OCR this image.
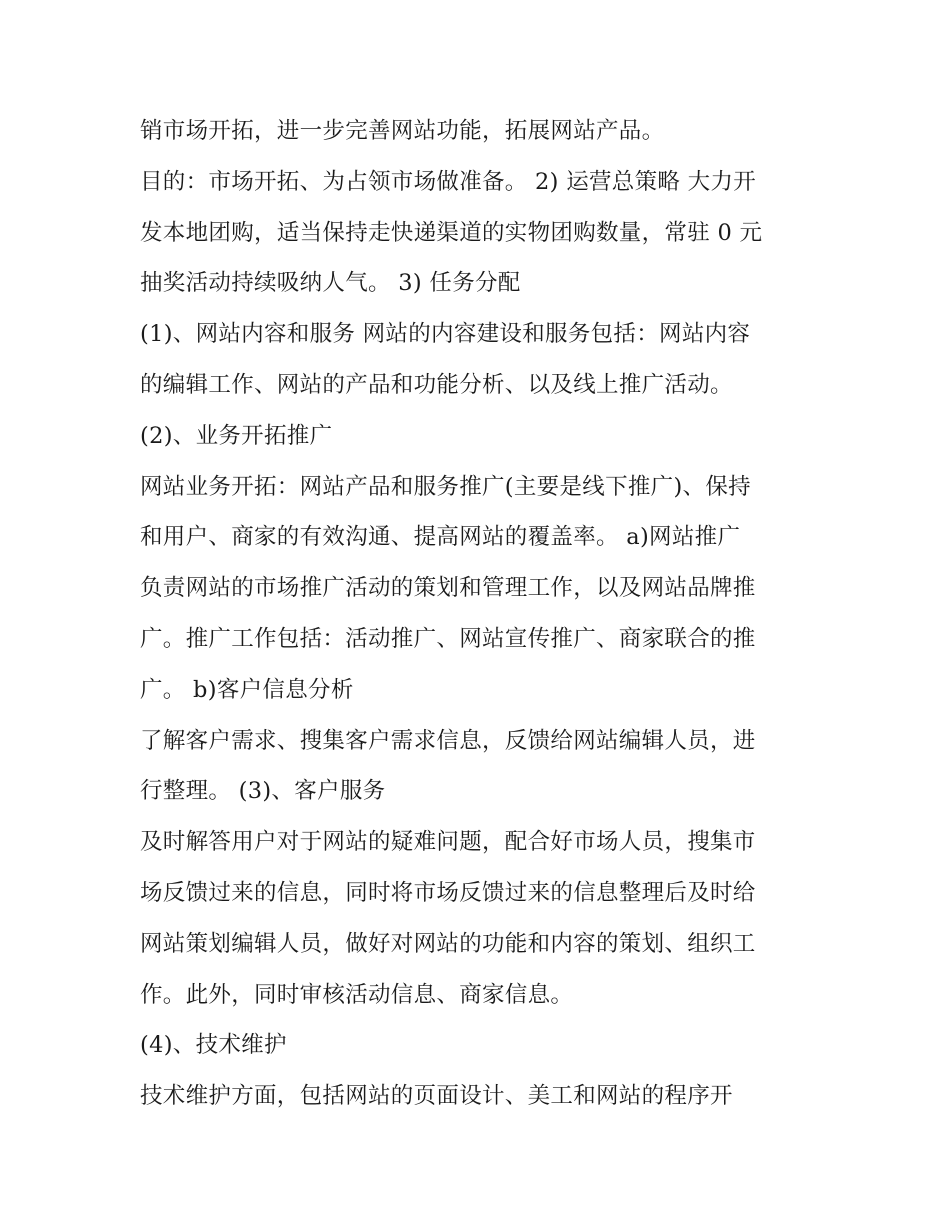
销市场开拓，进一步完善网站功能，拓展网站产品。
目的：市场开拓、为占领市场做准备。 2) 运营总策略 大力开
发本地团购，适当保持走快递渠道的实物团购数量，常驻 0 元
抽奖活动持续吸纳人气。 3) 任务分配
(1)、网站内容和服务 网站的内容建设和服务包括：网站内容
的编辑工作、网站的产品和功能分析、以及线上推广活动。
(2)、业务开拓推广
网站业务开拓：网站产品和服务推广(主要是线下推广)、保持
和用户、商家的有效沟通、提高网站的覆盖率。 a)网站推广
负责网站的市场推广活动的策划和管理工作，以及网站品牌推
广。推广工作包括：活动推广、网站宣传推广、商家联合的推
广。 b)客户信息分析
了解客户需求、搜集客户需求信息，反馈给网站编辑人员，进
行整理。 (3)、客户服务
及时解答用户对于网站的疑难问题，配合好市场人员，搜集市
场反馈过来的信息，同时将市场反馈过来的信息整理后及时给
网站策划编辑人员，做好对网站的功能和内容的策划、组织工
作。此外，同时审核活动信息、商家信息。
(4)、技术维护
技术维护方面，包括网站的页面设计、美工和网站的程序开
